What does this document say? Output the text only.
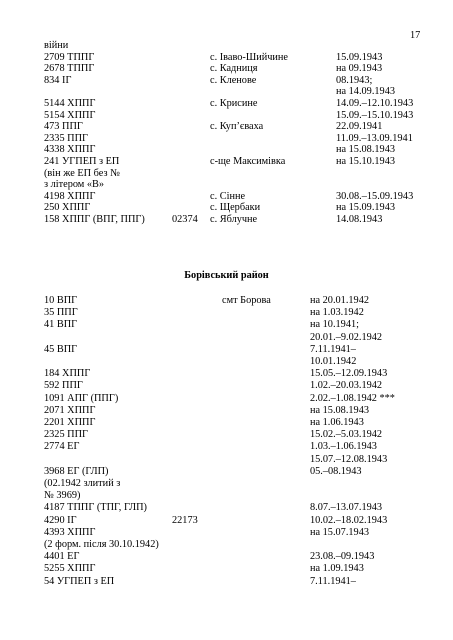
17
війни
2709 ТППГ	с. Іваво-Шийчине	15.09.1943
2678 ТППГ	с. Кадниця	на 09.1943
834 ІГ	с. Кленове	08.1943;
на 14.09.1943
5144 ХППГ	с. Крисине	14.09.–12.10.1943
5154 ХППГ	15.09.–15.10.1943
473 ППГ	с. Куп’єваха	22.09.1941
2335 ППГ	11.09.–13.09.1941
4338 ХППГ	на 15.08.1943
241 УГПЕП з ЕП	с-ще Максимівка	на 15.10.1943
(він же ЕП без №
з літером «В»
4198 ХППГ	с. Сінне	30.08.–15.09.1943
250 ХППГ	с. Щербаки	на 15.09.1943
158 ХППГ (ВПГ, ППГ)	02374 с. Яблучне	14.08.1943
Борівський район
10 ВПГ	смт Борова	на 20.01.1942
35 ППГ	на 1.03.1942
41 ВПГ	на 10.1941;
20.01.–9.02.1942
45 ВПГ	7.11.1941–
10.01.1942
184 ХППГ	15.05.–12.09.1943
592 ППГ	1.02.–20.03.1942
1091 АПГ (ППГ)	2.02.–1.08.1942 ***
2071 ХППГ	на 15.08.1943
2201 ХППГ	на 1.06.1943
2325 ППГ	15.02.–5.03.1942
2774 ЕГ	1.03.–1.06.1943
15.07.–12.08.1943
3968 ЕГ (ГЛП)	05.–08.1943
(02.1942 злитий з
№ 3969)
4187 ТППГ (ТПГ, ГЛП)	8.07.–13.07.1943
4290 ІГ	22173	10.02.–18.02.1943
4393 ХППГ	на 15.07.1943
(2 форм. після 30.10.1942)
4401 ЕГ	23.08.–09.1943
5255 ХППГ	на 1.09.1943
54 УГПЕП з ЕП	7.11.1941–
